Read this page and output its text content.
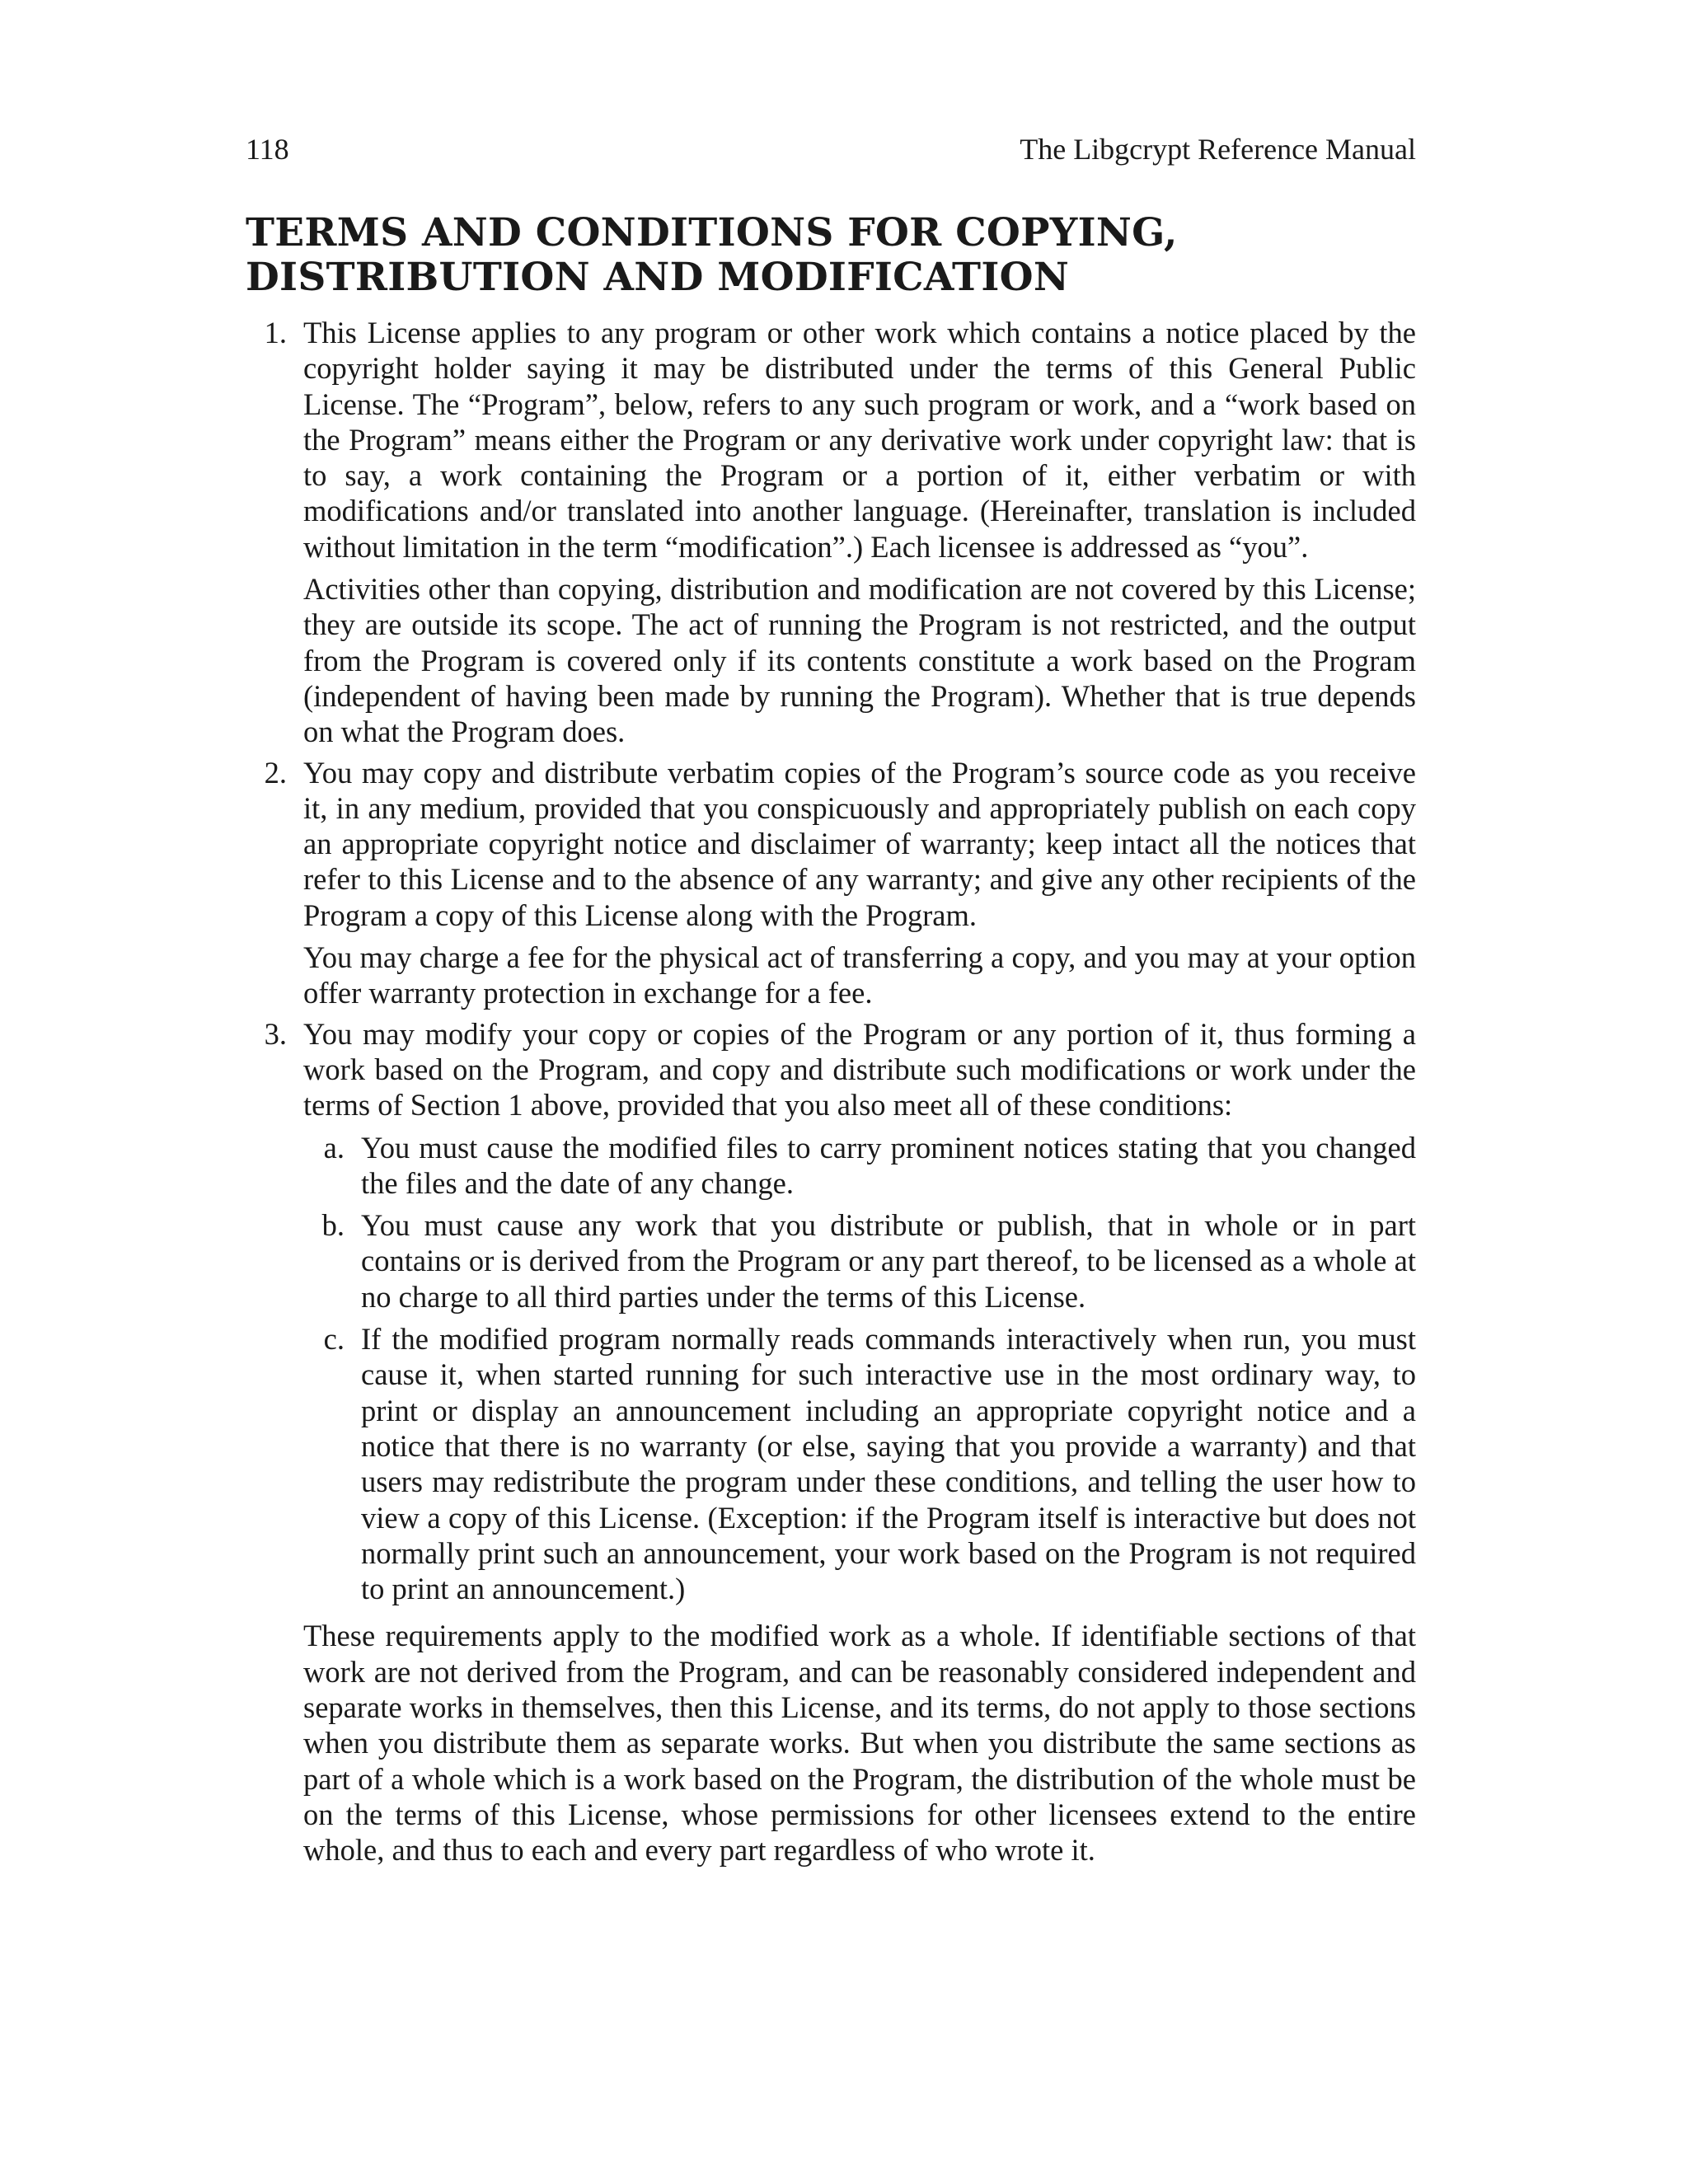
118	The Libgcrypt Reference Manual
TERMS AND CONDITIONS FOR COPYING,
DISTRIBUTION AND MODIFICATION
1. This License applies to any program or other work which contains a notice placed by the copyright holder saying it may be distributed under the terms of this General Public License. The “Program”, below, refers to any such program or work, and a “work based on the Program” means either the Program or any derivative work under copyright law: that is to say, a work containing the Program or a portion of it, either verbatim or with modifications and/or translated into another language. (Hereinafter, translation is included without limitation in the term “modification”.) Each licensee is addressed as “you”.

Activities other than copying, distribution and modification are not covered by this License; they are outside its scope. The act of running the Program is not restricted, and the output from the Program is covered only if its contents constitute a work based on the Program (independent of having been made by running the Program). Whether that is true depends on what the Program does.

2. You may copy and distribute verbatim copies of the Program’s source code as you receive it, in any medium, provided that you conspicuously and appropriately publish on each copy an appropriate copyright notice and disclaimer of warranty; keep intact all the notices that refer to this License and to the absence of any warranty; and give any other recipients of the Program a copy of this License along with the Program.

You may charge a fee for the physical act of transferring a copy, and you may at your option offer warranty protection in exchange for a fee.

3. You may modify your copy or copies of the Program or any portion of it, thus forming a work based on the Program, and copy and distribute such modifications or work under the terms of Section 1 above, provided that you also meet all of these conditions:

a. You must cause the modified files to carry prominent notices stating that you changed the files and the date of any change.

b. You must cause any work that you distribute or publish, that in whole or in part contains or is derived from the Program or any part thereof, to be licensed as a whole at no charge to all third parties under the terms of this License.

c. If the modified program normally reads commands interactively when run, you must cause it, when started running for such interactive use in the most ordinary way, to print or display an announcement including an appropriate copyright notice and a notice that there is no warranty (or else, saying that you provide a warranty) and that users may redistribute the program under these conditions, and telling the user how to view a copy of this License. (Exception: if the Program itself is interactive but does not normally print such an announcement, your work based on the Program is not required to print an announcement.)

These requirements apply to the modified work as a whole. If identifiable sections of that work are not derived from the Program, and can be reasonably considered independent and separate works in themselves, then this License, and its terms, do not apply to those sections when you distribute them as separate works. But when you distribute the same sections as part of a whole which is a work based on the Program, the distribution of the whole must be on the terms of this License, whose permissions for other licensees extend to the entire whole, and thus to each and every part regardless of who wrote it.
